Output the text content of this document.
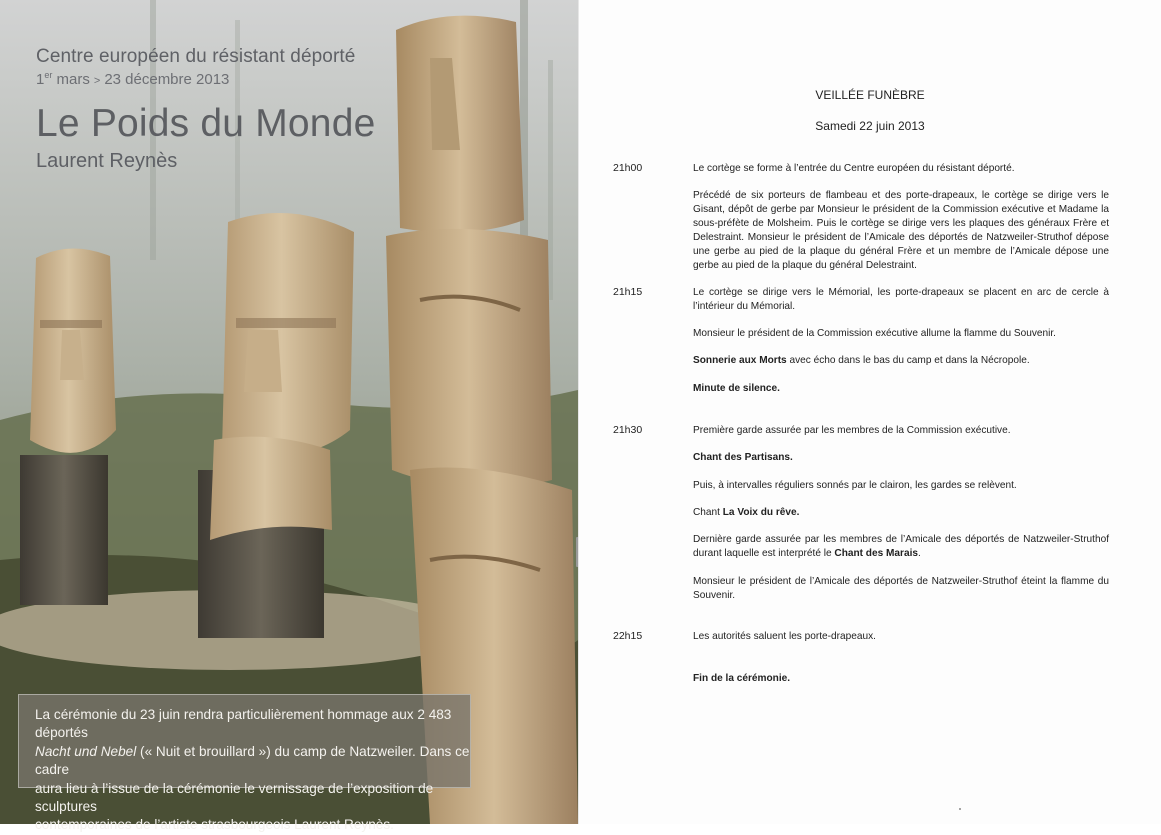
Centre européen du résistant déporté
1er mars > 23 décembre 2013
Le Poids du Monde
Laurent Reynès
La cérémonie du 23 juin rendra particulièrement hommage aux 2 483 déportés
Nacht und Nebel (« Nuit et brouillard ») du camp de Natzweiler. Dans ce cadre
aura lieu à l’issue de la cérémonie le vernissage de l’exposition de sculptures
contemporaines de l’artiste strasbourgeois Laurent Reynès.
VEILLÉE FUNÈBRE
Samedi 22 juin 2013
21h00	Le cortège se forme à l’entrée du Centre européen du résistant déporté.
Précédé de six porteurs de flambeau et des porte-drapeaux, le cortège se dirige vers le Gisant, dépôt de gerbe par Monsieur le président de la Commission exécutive et Madame la sous-préfète de Molsheim. Puis le cortège se dirige vers les plaques des généraux Frère et Delestraint. Monsieur le président de l’Amicale des déportés de Natzweiler-Struthof dépose une gerbe au pied de la plaque du général Frère et un membre de l’Amicale dépose une gerbe au pied de la plaque du général Delestraint.
21h15	Le cortège se dirige vers le Mémorial, les porte-drapeaux se placent en arc de cercle à l’intérieur du Mémorial.
Monsieur le président de la Commission exécutive allume la flamme du Souvenir.
Sonnerie aux Morts avec écho dans le bas du camp et dans la Nécropole.
Minute de silence.
21h30	Première garde assurée par les membres de la Commission exécutive.
Chant des Partisans.
Puis, à intervalles réguliers sonnés par le clairon, les gardes se relèvent.
Chant La Voix du rêve.
Dernière garde assurée par les membres de l’Amicale des déportés de Natzweiler-Struthof durant laquelle est interprété le Chant des Marais.
Monsieur le président de l’Amicale des déportés de Natzweiler-Struthof éteint la flamme du Souvenir.
22h15	Les autorités saluent les porte-drapeaux.
Fin de la cérémonie.
